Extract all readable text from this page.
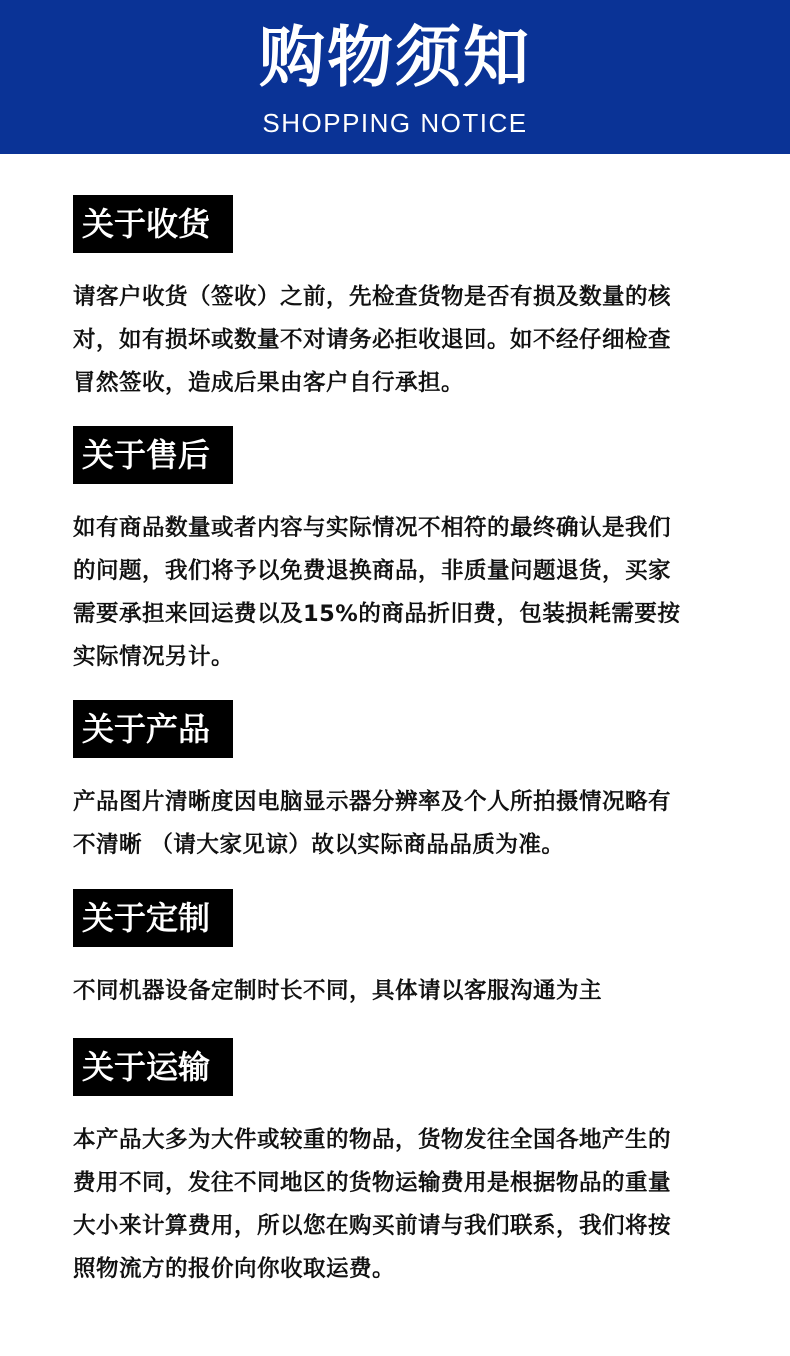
购物须知
SHOPPING NOTICE
关于收货
请客户收货（签收）之前，先检查货物是否有损及数量的核
对，如有损坏或数量不对请务必拒收退回。如不经仔细检查
冒然签收，造成后果由客户自行承担。
关于售后
如有商品数量或者内容与实际情况不相符的最终确认是我们
的问题，我们将予以免费退换商品，非质量问题退货，买家
需要承担来回运费以及15%的商品折旧费，包装损耗需要按
实际情况另计。
关于产品
产品图片清晰度因电脑显示器分辨率及个人所拍摄情况略有
不清晰 （请大家见谅）故以实际商品品质为准。
关于定制
不同机器设备定制时长不同，具体请以客服沟通为主
关于运输
本产品大多为大件或较重的物品，货物发往全国各地产生的
费用不同，发往不同地区的货物运输费用是根据物品的重量
大小来计算费用，所以您在购买前请与我们联系，我们将按
照物流方的报价向你收取运费。
